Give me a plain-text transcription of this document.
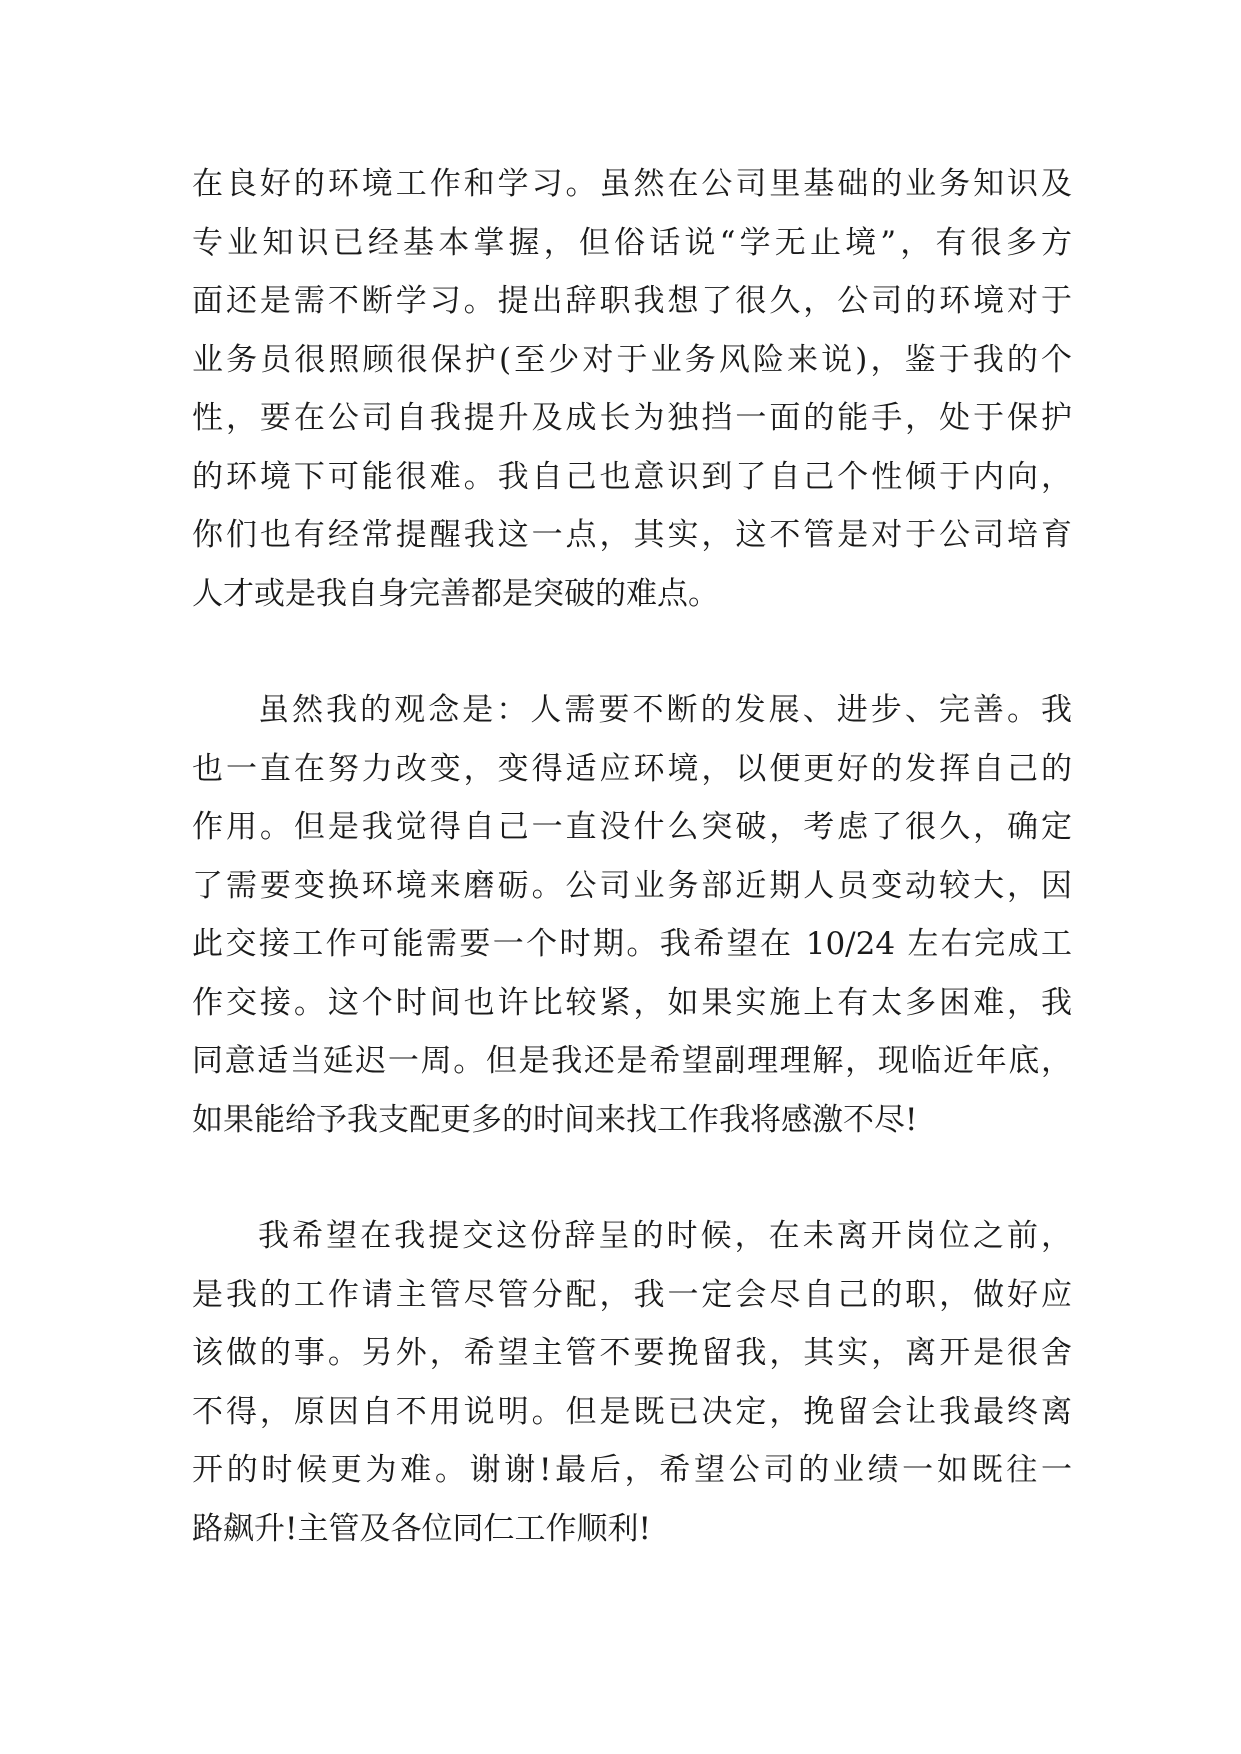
在良好的环境工作和学习。虽然在公司里基础的业务知识及
专业知识已经基本掌握，但俗话说“学无止境”，有很多方
面还是需不断学习。提出辞职我想了很久，公司的环境对于
业务员很照顾很保护(至少对于业务风险来说)，鉴于我的个
性，要在公司自我提升及成长为独挡一面的能手，处于保护
的环境下可能很难。我自己也意识到了自己个性倾于内向，
你们也有经常提醒我这一点，其实，这不管是对于公司培育
人才或是我自身完善都是突破的难点。
虽然我的观念是：人需要不断的发展、进步、完善。我
也一直在努力改变，变得适应环境，以便更好的发挥自己的
作用。但是我觉得自己一直没什么突破，考虑了很久，确定
了需要变换环境来磨砺。公司业务部近期人员变动较大，因
此交接工作可能需要一个时期。我希望在 10/24 左右完成工
作交接。这个时间也许比较紧，如果实施上有太多困难，我
同意适当延迟一周。但是我还是希望副理理解，现临近年底，
如果能给予我支配更多的时间来找工作我将感激不尽!
我希望在我提交这份辞呈的时候，在未离开岗位之前，
是我的工作请主管尽管分配，我一定会尽自己的职，做好应
该做的事。另外，希望主管不要挽留我，其实，离开是很舍
不得，原因自不用说明。但是既已决定，挽留会让我最终离
开的时候更为难。谢谢!最后，希望公司的业绩一如既往一
路飙升!主管及各位同仁工作顺利!
